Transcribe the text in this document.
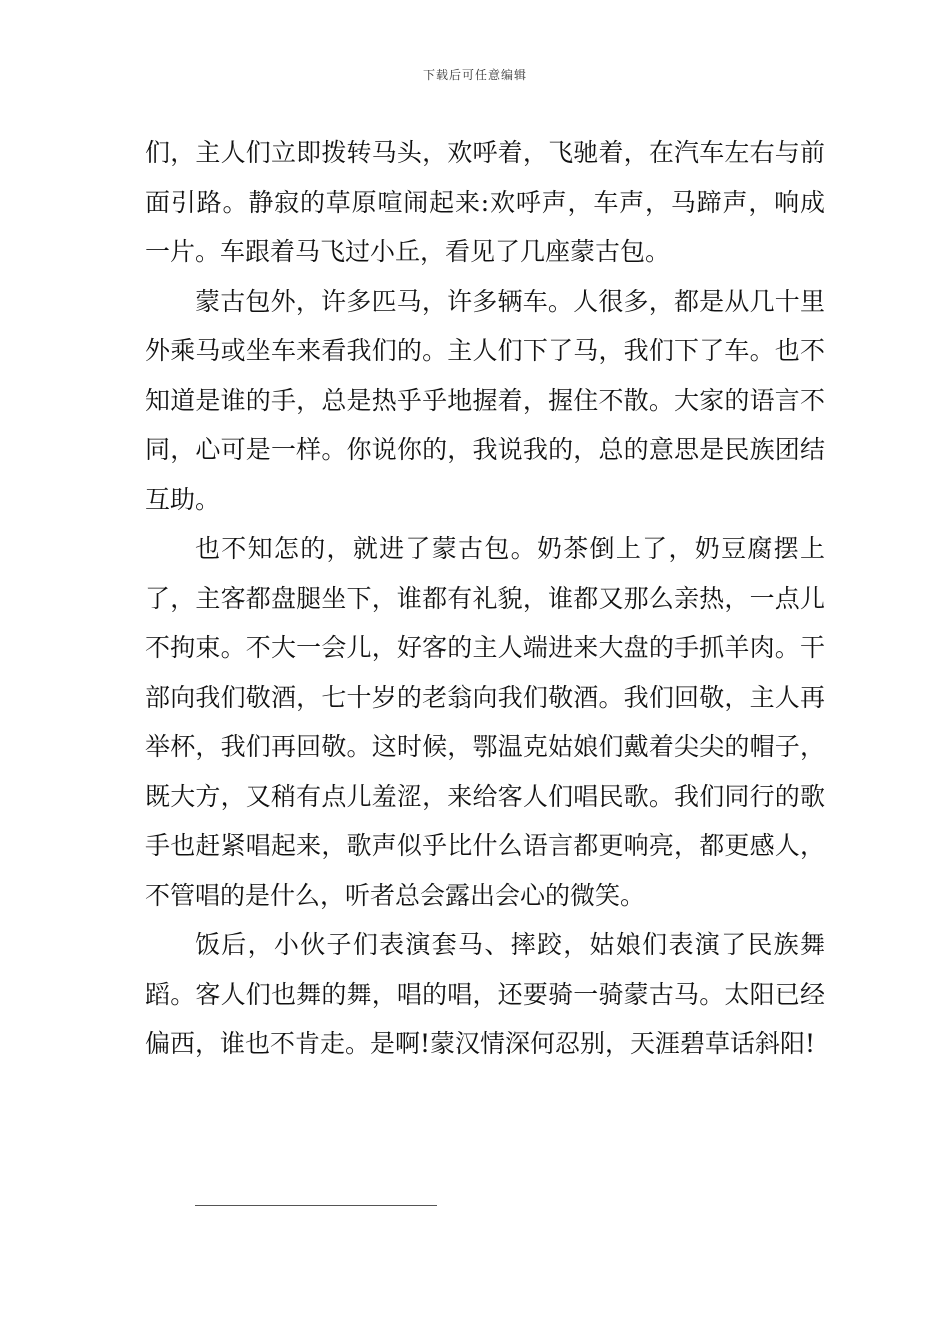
下载后可任意编辑

们，主人们立即拨转马头，欢呼着，飞驰着，在汽车左右与前面引路。静寂的草原喧闹起来:欢呼声，车声，马蹄声，响成一片。车跟着马飞过小丘，看见了几座蒙古包。

蒙古包外，许多匹马，许多辆车。人很多，都是从几十里外乘马或坐车来看我们的。主人们下了马，我们下了车。也不知道是谁的手，总是热乎乎地握着，握住不散。大家的语言不同，心可是一样。你说你的，我说我的，总的意思是民族团结互助。

也不知怎的，就进了蒙古包。奶茶倒上了，奶豆腐摆上了，主客都盘腿坐下，谁都有礼貌，谁都又那么亲热，一点儿不拘束。不大一会儿，好客的主人端进来大盘的手抓羊肉。干部向我们敬酒，七十岁的老翁向我们敬酒。我们回敬，主人再举杯，我们再回敬。这时候，鄂温克姑娘们戴着尖尖的帽子，既大方，又稍有点儿羞涩，来给客人们唱民歌。我们同行的歌手也赶紧唱起来，歌声似乎比什么语言都更响亮，都更感人，不管唱的是什么，听者总会露出会心的微笑。

饭后，小伙子们表演套马、摔跤，姑娘们表演了民族舞蹈。客人们也舞的舞，唱的唱，还要骑一骑蒙古马。太阳已经偏西，谁也不肯走。是啊!蒙汉情深何忍别，天涯碧草话斜阳!
